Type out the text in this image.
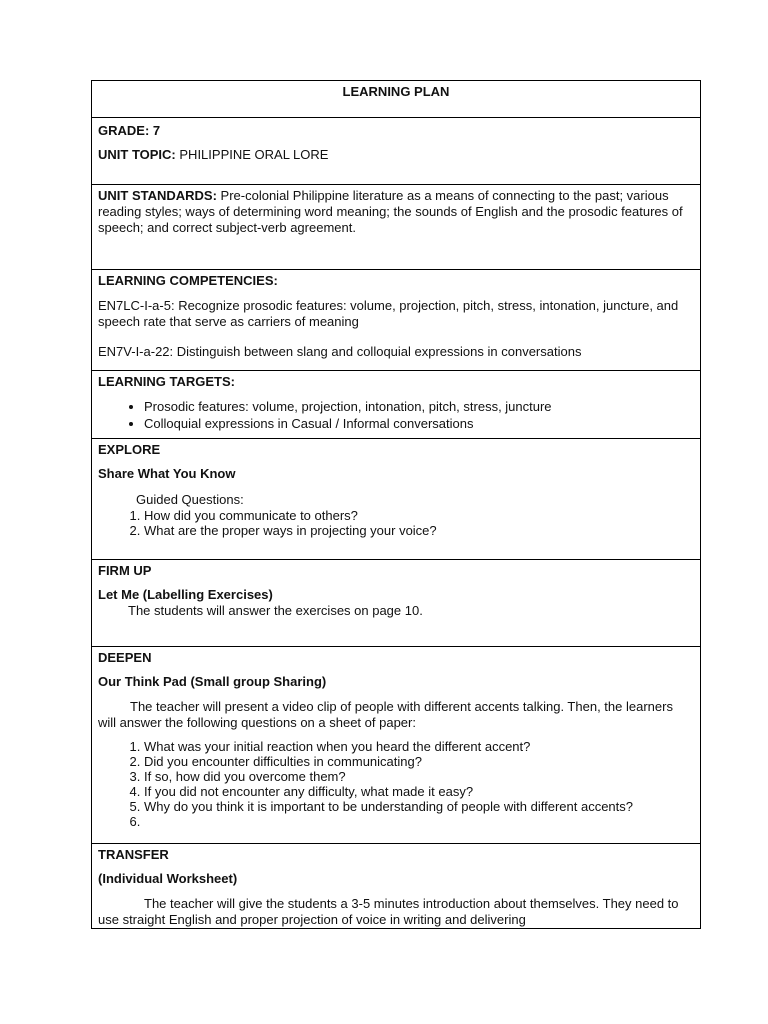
LEARNING PLAN

GRADE: 7

UNIT TOPIC: PHILIPPINE ORAL LORE

UNIT STANDARDS: Pre-colonial Philippine literature as a means of connecting to the past; various reading styles; ways of determining word meaning; the sounds of English and the prosodic features of speech; and correct subject-verb agreement.

LEARNING COMPETENCIES:

EN7LC-I-a-5: Recognize prosodic features: volume, projection, pitch, stress, intonation, juncture, and speech rate that serve as carriers of meaning

EN7V-I-a-22: Distinguish between slang and colloquial expressions in conversations

LEARNING TARGETS:

• Prosodic features: volume, projection, intonation, pitch, stress, juncture
• Colloquial expressions in Casual / Informal conversations

EXPLORE

Share What You Know

Guided Questions:

1. How did you communicate to others?
2. What are the proper ways in projecting your voice?

FIRM UP

Let Me (Labelling Exercises)

The students will answer the exercises on page 10.

DEEPEN

Our Think Pad (Small group Sharing)

The teacher will present a video clip of people with different accents talking. Then, the learners will answer the following questions on a sheet of paper:

1. What was your initial reaction when you heard the different accent?
2. Did you encounter difficulties in communicating?
3. If so, how did you overcome them?
4. If you did not encounter any difficulty, what made it easy?
5. Why do you think it is important to be understanding of people with different accents?
6.

TRANSFER

(Individual Worksheet)

The teacher will give the students a 3-5 minutes introduction about themselves. They need to use straight English and proper projection of voice in writing and delivering
